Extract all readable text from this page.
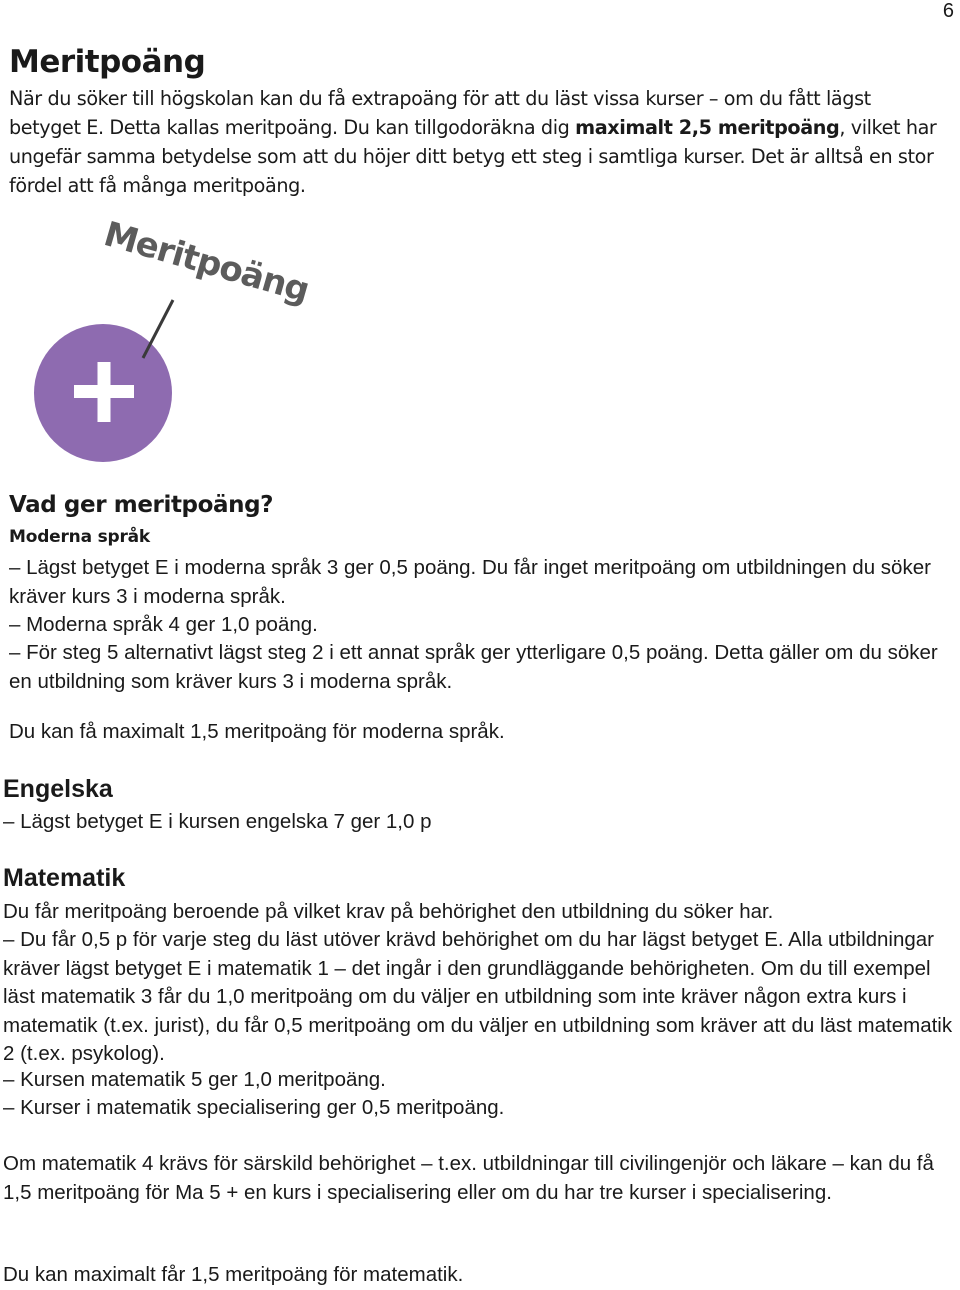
6
Meritpoäng

När du söker till högskolan kan du få extrapoäng för att du läst vissa kurser – om du fått lägst betyget E. Detta kallas meritpoäng. Du kan tillgodoräkna dig maximalt 2,5 meritpoäng, vilket har ungefär samma betydelse som att du höjer ditt betyg ett steg i samtliga kurser. Det är alltså en stor fördel att få många meritpoäng.

Meritpoäng
Vad ger meritpoäng?
Moderna språk

– Lägst betyget E i moderna språk 3 ger 0,5 poäng. Du får inget meritpoäng om utbildningen du söker kräver kurs 3 i moderna språk.

– Moderna språk 4 ger 1,0 poäng.

– För steg 5 alternativt lägst steg 2 i ett annat språk ger ytterligare 0,5 poäng. Detta gäller om du söker en utbildning som kräver kurs 3 i moderna språk.

Du kan få maximalt 1,5 meritpoäng för moderna språk.

Engelska

– Lägst betyget E i kursen engelska 7 ger 1,0 p

Matematik

Du får meritpoäng beroende på vilket krav på behörighet den utbildning du söker har.

– Du får 0,5 p för varje steg du läst utöver krävd behörighet om du har lägst betyget E. Alla utbildningar kräver lägst betyget E i matematik 1 – det ingår i den grundläggande behörigheten. Om du till exempel läst matematik 3 får du 1,0 meritpoäng om du väljer en utbildning som inte kräver någon extra kurs i matematik (t.ex. jurist), du får 0,5 meritpoäng om du väljer en utbildning som kräver att du läst matematik 2 (t.ex. psykolog).

– Kursen matematik 5 ger 1,0 meritpoäng.

– Kurser i matematik specialisering ger 0,5 meritpoäng.

Om matematik 4 krävs för särskild behörighet – t.ex. utbildningar till civilingenjör och läkare – kan du få 1,5 meritpoäng för Ma 5 + en kurs i specialisering eller om du har tre kurser i specialisering.

Du kan maximalt får 1,5 meritpoäng för matematik.
